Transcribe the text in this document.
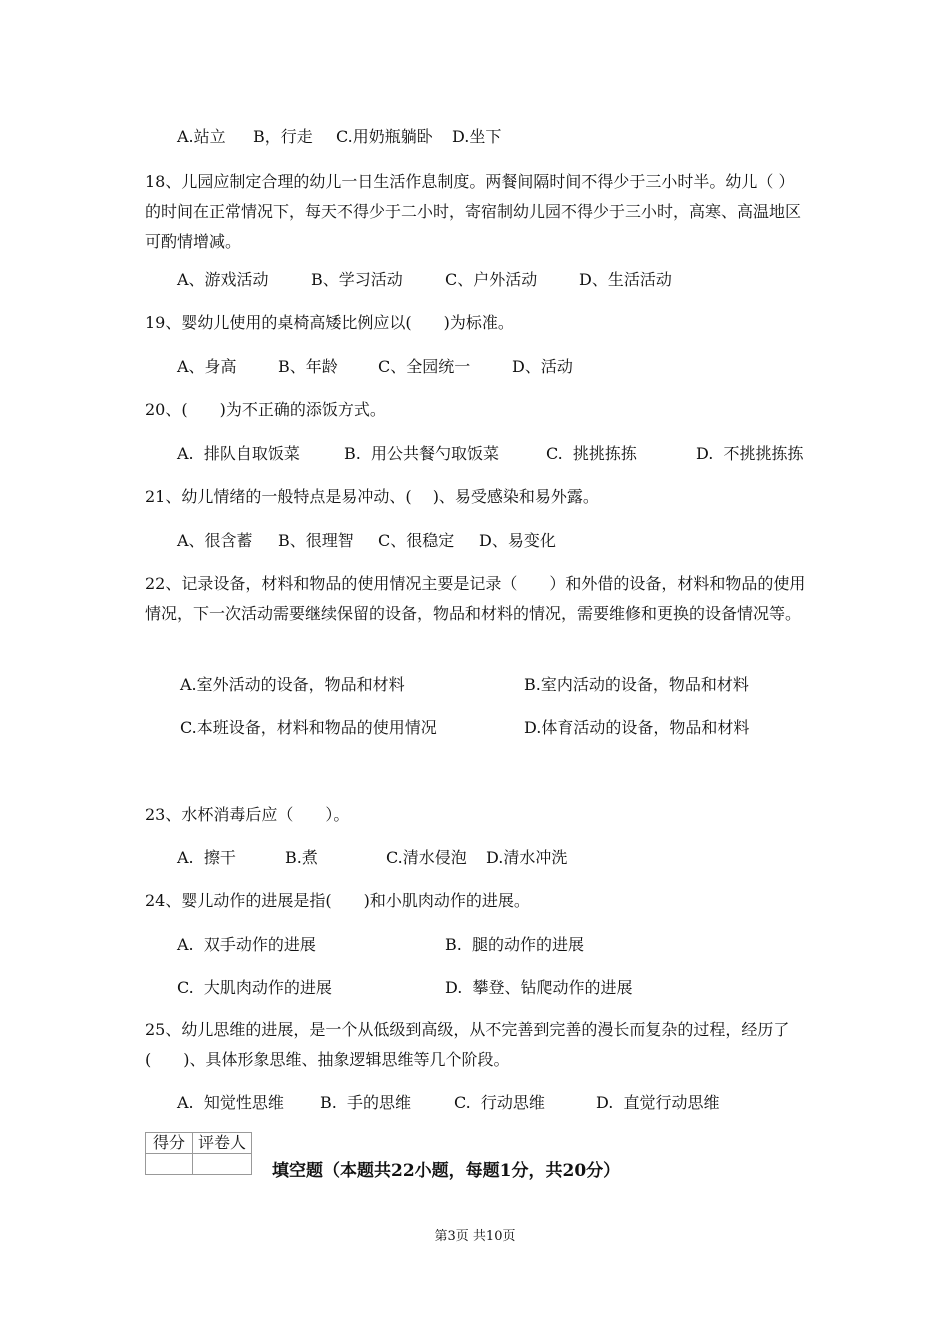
A.站立 B，行走 C.用奶瓶躺卧 D.坐下
18、儿园应制定合理的幼儿一日生活作息制度。两餐间隔时间不得少于三小时半。幼儿（ ）的时间在正常情况下，每天不得少于二小时，寄宿制幼儿园不得少于三小时，高寒、高温地区可酌情增减。
A、游戏活动	B、学习活动	C、户外活动	D、生活活动
19、婴幼儿使用的桌椅高矮比例应以(　　)为标准。
A、身高	B、年龄	C、全园统一	D、活动
20、(　　)为不正确的添饭方式。
A.  排队自取饭菜	B.  用公共餐勺取饭菜	C.  挑挑拣拣	D.  不挑挑拣拣
21、幼儿情绪的一般特点是易冲动、(　 )、易受感染和易外露。
A、很含蓄 B、很理智 C、很稳定 D、易变化
22、记录设备，材料和物品的使用情况主要是记录（　　）和外借的设备，材料和物品的使用情况，下一次活动需要继续保留的设备，物品和材料的情况，需要维修和更换的设备情况等。
A.室外活动的设备，物品和材料	B.室内活动的设备，物品和材料
C.本班设备，材料和物品的使用情况	D.体育活动的设备，物品和材料
23、水杯消毒后应（　　）。
A.  擦干	B.煮	C.清水侵泡 D.清水冲洗
24、婴儿动作的进展是指(　　)和小肌肉动作的进展。
A.  双手动作的进展	B.  腿的动作的进展
C.  大肌肉动作的进展	D.  攀登、钻爬动作的进展
25、幼儿思维的进展，是一个从低级到高级，从不完善到完善的漫长而复杂的过程，经历了(　　)、具体形象思维、抽象逻辑思维等几个阶段。
A.  知觉性思维 B.  手的思维	C.  行动思维	D.  直觉行动思维
得分	评卷人

填空题（本题共22小题，每题1分，共20分）
第3页 共10页
